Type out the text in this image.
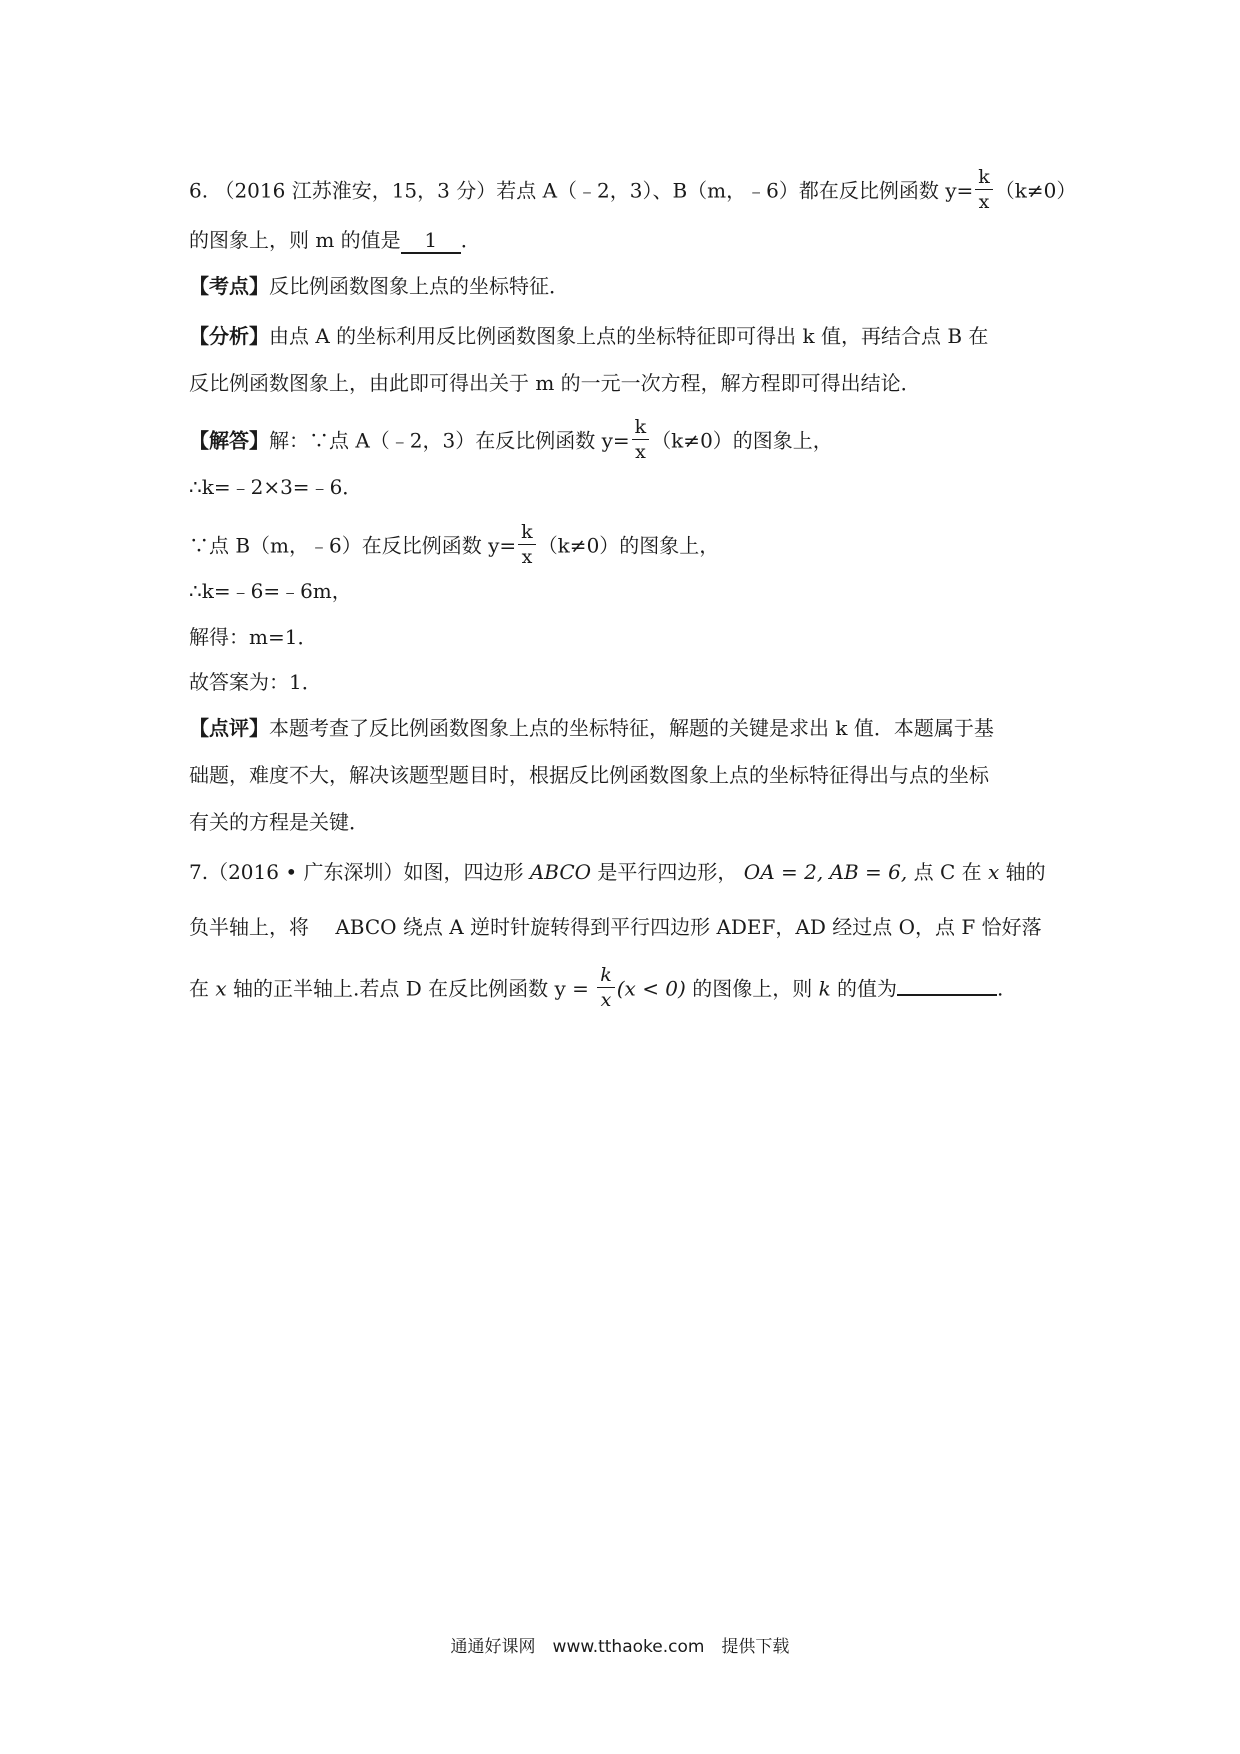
6. （2016 江苏淮安，15，3 分）若点 A（﹣2，3）、B（m，﹣6）都在反比例函数 $y= \frac{k}{x} (k\ne 0)$
的图象上，则 m 的值是 1 ．
【考点】反比例函数图象上点的坐标特征．
【分析】由点 A 的坐标利用反比例函数图象上点的坐标特征即可得出 k 值，再结合点 B 在
反比例函数图象上，由此即可得出关于 m 的一元一次方程，解方程即可得出结论．
【解答】解：∵点 A（﹣2，3）在反比例函数 $y= \frac{k}{x} (k\ne 0)$的图象上，
∴k=﹣2×3=﹣6．
∵点 B（m，﹣6）在反比例函数 $y= \frac{k}{x} (k\ne 0)$的图象上，
∴k=﹣6=﹣6m，
解得：m=1．
故答案为：1．
【点评】本题考查了反比例函数图象上点的坐标特征，解题的关键是求出 k 值．本题属于基
础题，难度不大，解决该题型题目时，根据反比例函数图象上点的坐标特征得出与点的坐标
有关的方程是关键．
7.（2016 • 广东深圳）如图，四边形 ABCO 是平行四边形， OA = 2, AB = 6, 点 C 在 x 轴的
负半轴上，将　 ABCO 绕点 A 逆时针旋转得到平行四边形 ADEF，AD 经过点 O，点 F 恰好落
在 x 轴的正半轴上.若点 D 在反比例函数 $y = \frac{k}{x} (x < 0)$ 的图像上，则 k 的值为	.
通通好课网　www.tthaoke.com　提供下载
